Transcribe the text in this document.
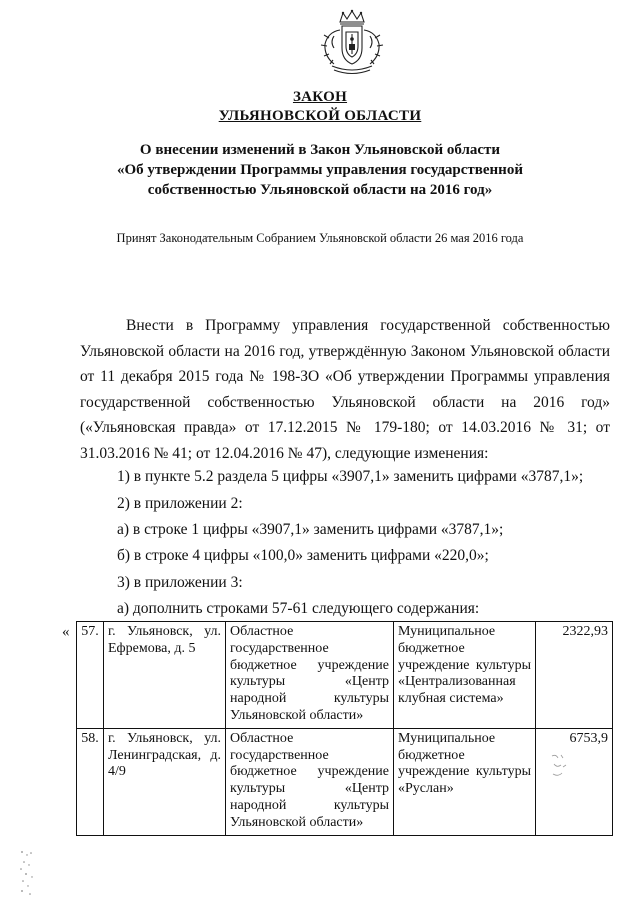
ЗАКОН
УЛЬЯНОВСКОЙ ОБЛАСТИ
О внесении изменений в Закон Ульяновской области
«Об утверждении Программы управления государственной
собственностью Ульяновской области на 2016 год»
Принят Законодательным Собранием Ульяновской области 26 мая 2016 года

Внести в Программу управления государственной собственностью Ульяновской области на 2016 год, утверждённую Законом Ульяновской области от 11 декабря 2015 года № 198-ЗО «Об утверждении Программы управления государственной собственностью Ульяновской области на 2016 год» («Ульяновская правда» от 17.12.2015 № 179-180; от 14.03.2016 № 31; от 31.03.2016 № 41; от 12.04.2016 № 47), следующие изменения:

1) в пункте 5.2 раздела 5 цифры «3907,1» заменить цифрами «3787,1»;

2) в приложении 2:

а) в строке 1 цифры «3907,1» заменить цифрами «3787,1»;

б) в строке 4 цифры «100,0» заменить цифрами «220,0»;

3) в приложении 3:

а) дополнить строками 57-61 следующего содержания:

« 57.	г. Ульяновск, ул. Ефремова, д. 5	Областное государственное бюджетное учреждение культуры «Центр народной культуры Ульяновской области»	Муниципальное бюджетное учреждение культуры «Централизованная клубная система»	2322,93
58.	г. Ульяновск, ул. Ленинградская, д. 4/9	Областное государственное бюджетное учреждение культуры «Центр народной культуры Ульяновской области»	Муниципальное бюджетное учреждение культуры «Руслан»	6753,9
